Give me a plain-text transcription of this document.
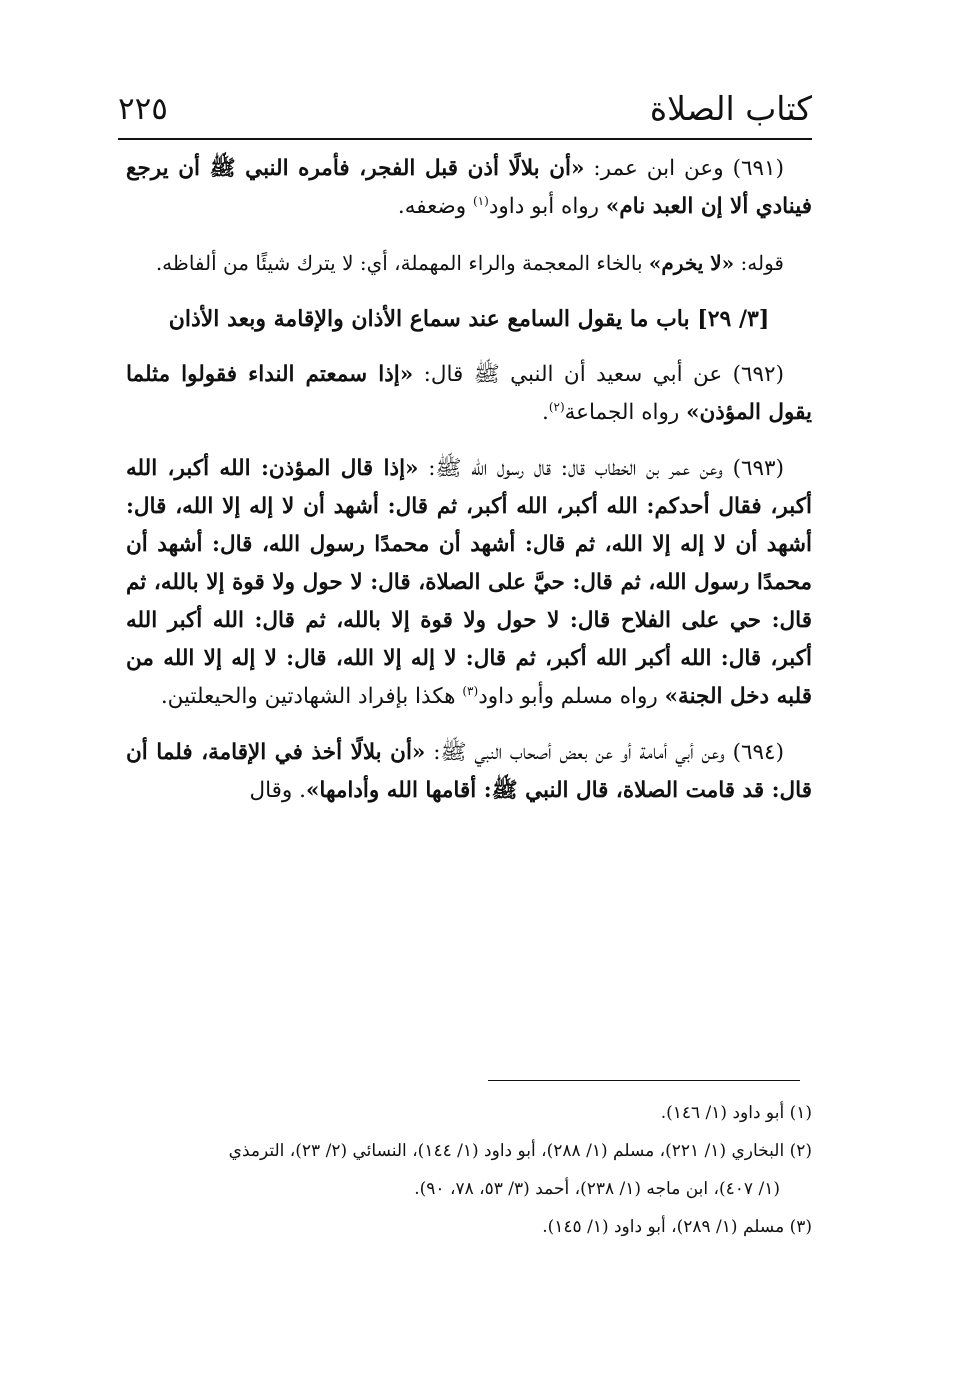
كتاب الصلاة
٢٢٥

(٦٩١) وعن ابن عمر: «أن بلالًا أذن قبل الفجر، فأمره النبي ﷺ أن يرجع فينادي ألا إن العبد نام» رواه أبو داود$^{(١)}$ وضعفه.

قوله: «لا يخرم» بالخاء المعجمة والراء المهملة، أي: لا يترك شيئًا من ألفاظه.

[٣/ ٢٩] باب ما يقول السامع عند سماع الأذان والإقامة وبعد الأذان

(٦٩٢) عن أبي سعيد أن النبي ﷺ قال: «إذا سمعتم النداء فقولوا مثلما يقول المؤذن» رواه الجماعة$^{(٢)}$.

(٦٩٣) وعن عمر بن الخطاب قال: قال رسول الله ﷺ: «إذا قال المؤذن: الله أكبر، الله أكبر، فقال أحدكم: الله أكبر، الله أكبر، ثم قال: أشهد أن لا إله إلا الله، قال: أشهد أن لا إله إلا الله، ثم قال: أشهد أن محمدًا رسول الله، قال: أشهد أن محمدًا رسول الله، ثم قال: حيَّ على الصلاة، قال: لا حول ولا قوة إلا بالله، ثم قال: حي على الفلاح قال: لا حول ولا قوة إلا بالله، ثم قال: الله أكبر الله أكبر، قال: الله أكبر الله أكبر، ثم قال: لا إله إلا الله، قال: لا إله إلا الله من قلبه دخل الجنة» رواه مسلم وأبو داود$^{(٣)}$ هكذا بإفراد الشهادتين والحيعلتين.

(٦٩٤) وعن أبي أمامة أو عن بعض أصحاب النبي ﷺ: «أن بلالًا أخذ في الإقامة، فلما أن قال: قد قامت الصلاة، قال النبي ﷺ: أقامها الله وأدامها». وقال

(١) أبو داود (١/ ١٤٦).

(٢) البخاري (١/ ٢٢١)، مسلم (١/ ٢٨٨)، أبو داود (١/ ١٤٤)، النسائي (٢/ ٢٣)، الترمذي

(١/ ٤٠٧)، ابن ماجه (١/ ٢٣٨)، أحمد (٣/ ٥٣، ٧٨، ٩٠).

(٣) مسلم (١/ ٢٨٩)، أبو داود (١/ ١٤٥).
